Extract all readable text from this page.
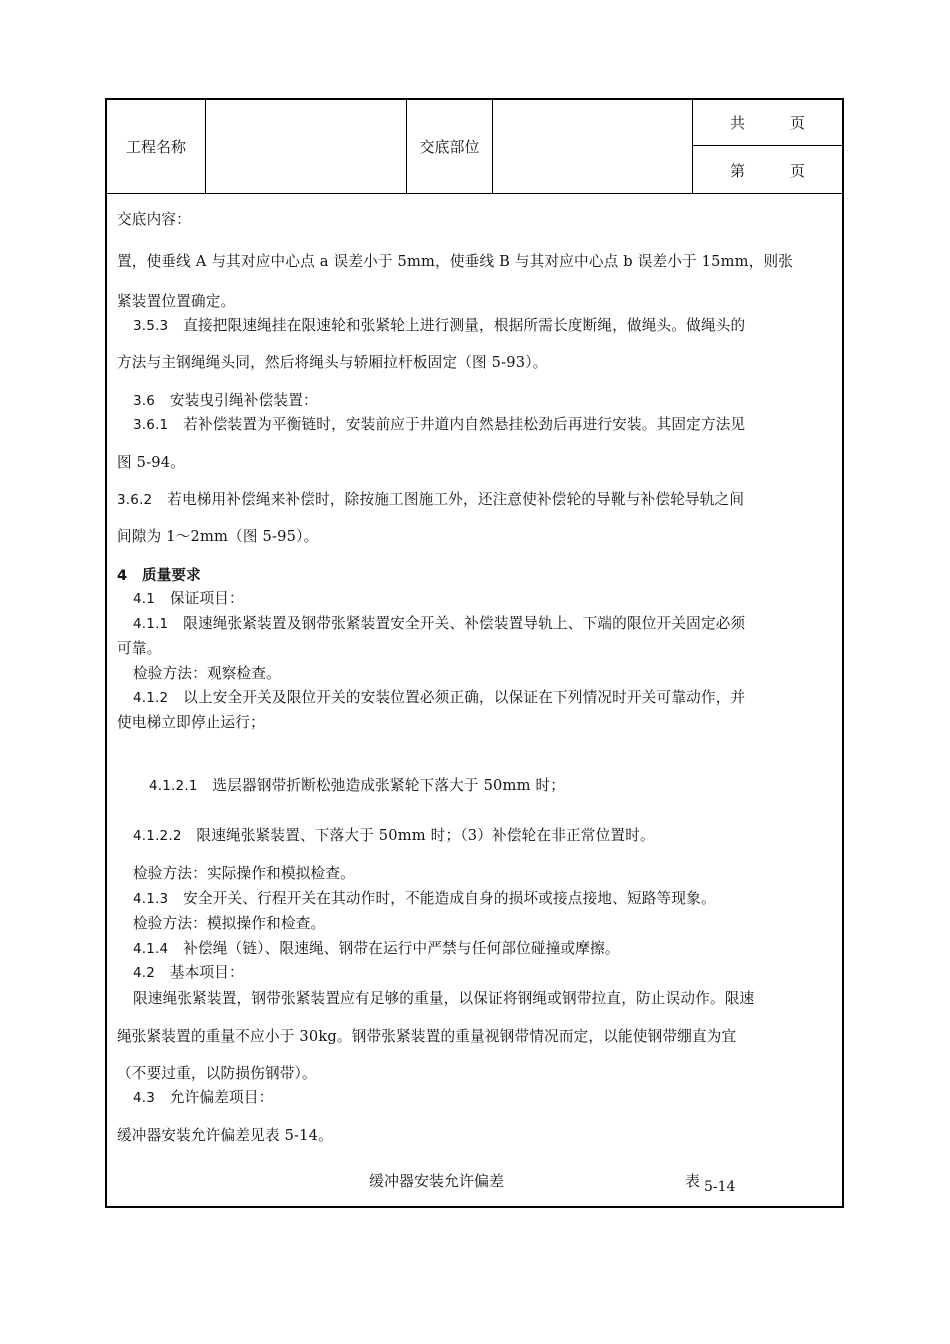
工程名称	交底部位
共　　　页
第　　　页
交底内容：
置，使垂线 A 与其对应中心点 a 误差小于 5mm，使垂线 B 与其对应中心点 b 误差小于 15mm，则张
紧装置位置确定。
3.5.3　直接把限速绳挂在限速轮和张紧轮上进行测量，根据所需长度断绳，做绳头。做绳头的
方法与主钢绳绳头同，然后将绳头与轿厢拉杆板固定（图 5-93）。
3.6　安装曳引绳补偿装置：
3.6.1　若补偿装置为平衡链时，安装前应于井道内自然悬挂松劲后再进行安装。其固定方法见
图 5-94。
3.6.2　若电梯用补偿绳来补偿时，除按施工图施工外，还注意使补偿轮的导靴与补偿轮导轨之间
间隙为 1～2mm（图 5-95）。
4　质量要求
4.1　保证项目：
4.1.1　限速绳张紧装置及钢带张紧装置安全开关、补偿装置导轨上、下端的限位开关固定必须
可靠。
检验方法：观察检查。
4.1.2　以上安全开关及限位开关的安装位置必须正确，以保证在下列情况时开关可靠动作，并
使电梯立即停止运行；
4.1.2.1　选层器钢带折断松弛造成张紧轮下落大于 50mm 时；
4.1.2.2　限速绳张紧装置、下落大于 50mm 时；（3）补偿轮在非正常位置时。
检验方法：实际操作和模拟检查。
4.1.3　安全开关、行程开关在其动作时，不能造成自身的损坏或接点接地、短路等现象。
检验方法：模拟操作和检查。
4.1.4　补偿绳（链）、限速绳、钢带在运行中严禁与任何部位碰撞或摩擦。
4.2　基本项目：
限速绳张紧装置，钢带张紧装置应有足够的重量，以保证将钢绳或钢带拉直，防止误动作。限速
绳张紧装置的重量不应小于 30kg。钢带张紧装置的重量视钢带情况而定，以能使钢带绷直为宜
（不要过重，以防损伤钢带）。
4.3　允许偏差项目：
缓冲器安装允许偏差见表 5-14。
缓冲器安装允许偏差	表 5-14
